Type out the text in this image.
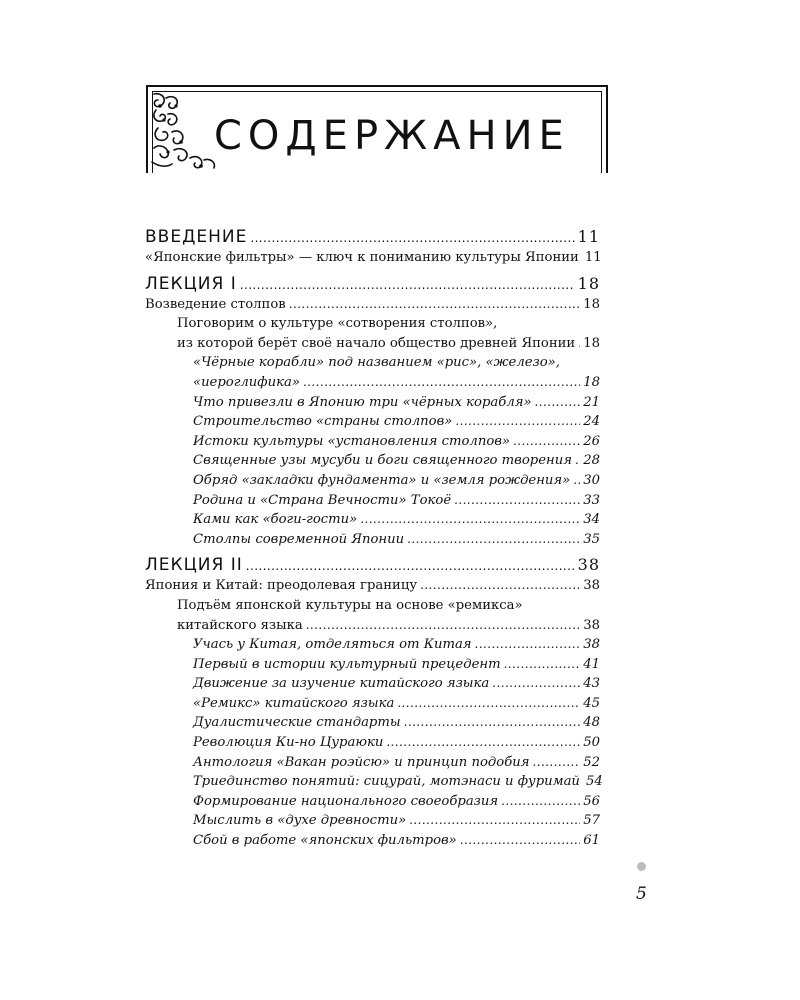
СОДЕРЖАНИЕ
ВВЕДЕНИЕ . . .	11
«Японские фильтры» — ключ к пониманию культуры Японии 11
ЛЕКЦИЯ I . . .	18
Возведение столпов . . .	18
Поговорим о культуре «сотворения столпов»,
из которой берёт своё начало общество древней Японии . . . 18
«Чёрные корабли» под названием «рис», «железо»,
«иероглифика» . . .	18
Что привезли в Японию три «чёрных корабля» . . .	21
Строительство «страны столпов» . . .	24
Истоки культуры «установления столпов» . . .	26
Священные узы мусуби и боги священного творения . . . 28
Обряд «закладки фундамента» и «земля рождения» . . . 30
Родина и «Страна Вечности» Токоё . . .	33
Ками как «боги-гости» . . .	34
Столпы современной Японии . . .	35
ЛЕКЦИЯ II . . .	38
Япония и Китай: преодолевая границу . . .	38
Подъём японской культуры на основе «ремикса»
китайского языка . . .	38
Учась у Китая, отделяться от Китая . . .	38
Первый в истории культурный прецедент . . .	41
Движение за изучение китайского языка . . .	43
«Ремикс» китайского языка . . .	45
Дуалистические стандарты . . .	48
Революция Ки-но Цураюки . . .	50
Антология «Вакан роэйсю» и принцип подобия . . .	52
Триединство понятий: сицурай, мотэнаси и фуримай 54
Формирование национального своеобразия . . .	56
Мыслить в «духе древности» . . .	57
Сбой в работе «японских фильтров» . . .	61
5
